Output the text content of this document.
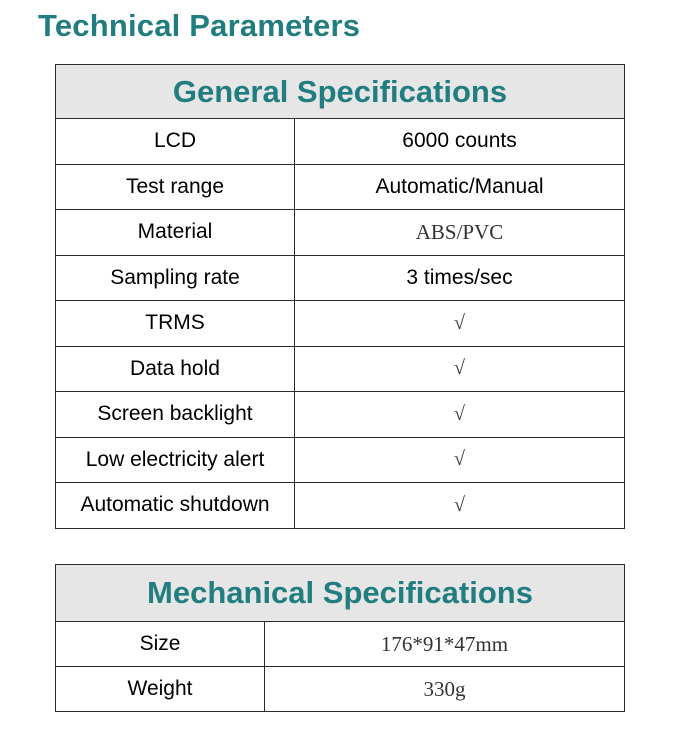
Technical Parameters
General Specifications	
LCD	6000 counts
Test range	Automatic/Manual
Material	ABS/PVC
Sampling rate	3 times/sec
TRMS	√
Data hold	√
Screen backlight	√
Low electricity alert	√
Automatic shutdown	√
Mechanical Specifications	
Size	176*91*47mm
Weight	330g
